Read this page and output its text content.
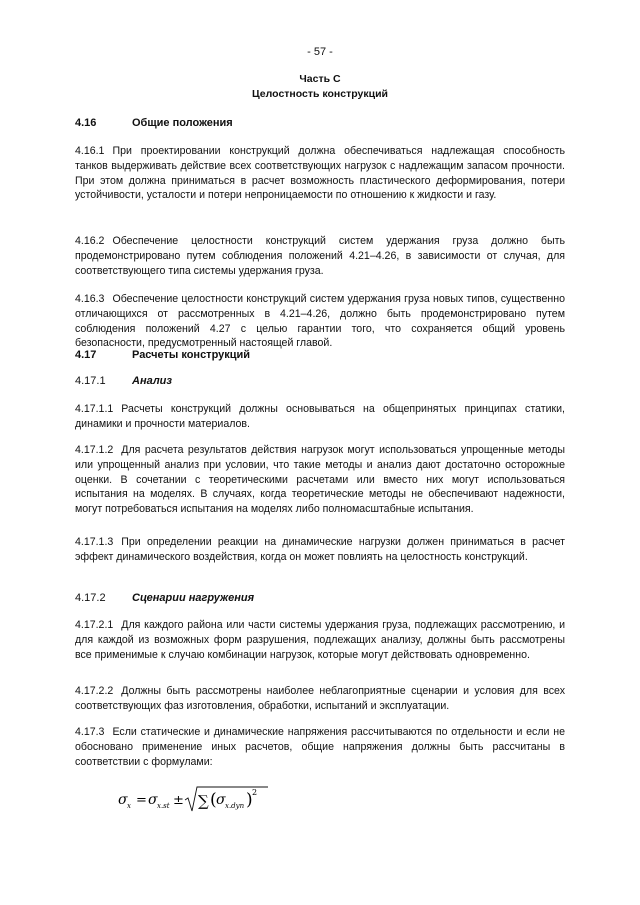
- 57 -
Часть C
Целостность конструкций
4.16	Общие положения
4.16.1 При проектировании конструкций должна обеспечиваться надлежащая способность танков выдерживать действие всех соответствующих нагрузок с надлежащим запасом прочности. При этом должна приниматься в расчет возможность пластического деформирования, потери устойчивости, усталости и потери непроницаемости по отношению к жидкости и газу.
4.16.2 Обеспечение целостности конструкций систем удержания груза должно быть продемонстрировано путем соблюдения положений 4.21–4.26, в зависимости от случая, для соответствующего типа системы удержания груза.
4.16.3 Обеспечение целостности конструкций систем удержания груза новых типов, существенно отличающихся от рассмотренных в 4.21–4.26, должно быть продемонстрировано путем соблюдения положений 4.27 с целью гарантии того, что сохраняется общий уровень безопасности, предусмотренный настоящей главой.
4.17	Расчеты конструкций
4.17.1 Анализ
4.17.1.1 Расчеты конструкций должны основываться на общепринятых принципах статики, динамики и прочности материалов.
4.17.1.2 Для расчета результатов действия нагрузок могут использоваться упрощенные методы или упрощенный анализ при условии, что такие методы и анализ дают достаточно осторожные оценки. В сочетании с теоретическими расчетами или вместо них могут использоваться испытания на моделях. В случаях, когда теоретические методы не обеспечивают надежности, могут потребоваться испытания на моделях либо полномасштабные испытания.
4.17.1.3 При определении реакции на динамические нагрузки должен приниматься в расчет эффект динамического воздействия, когда он может повлиять на целостность конструкций.
4.17.2 Сценарии нагружения
4.17.2.1 Для каждого района или части системы удержания груза, подлежащих рассмотрению, и для каждой из возможных форм разрушения, подлежащих анализу, должны быть рассмотрены все применимые к случаю комбинации нагрузок, которые могут действовать одновременно.
4.17.2.2 Должны быть рассмотрены наиболее неблагоприятные сценарии и условия для всех соответствующих фаз изготовления, обработки, испытаний и эксплуатации.
4.17.3 Если статические и динамические напряжения рассчитываются по отдельности и если не обосновано применение иных расчетов, общие напряжения должны быть рассчитаны в соответствии с формулами:
σ x = σ x.st ± ∑ ( σ x.dyn ) 2
